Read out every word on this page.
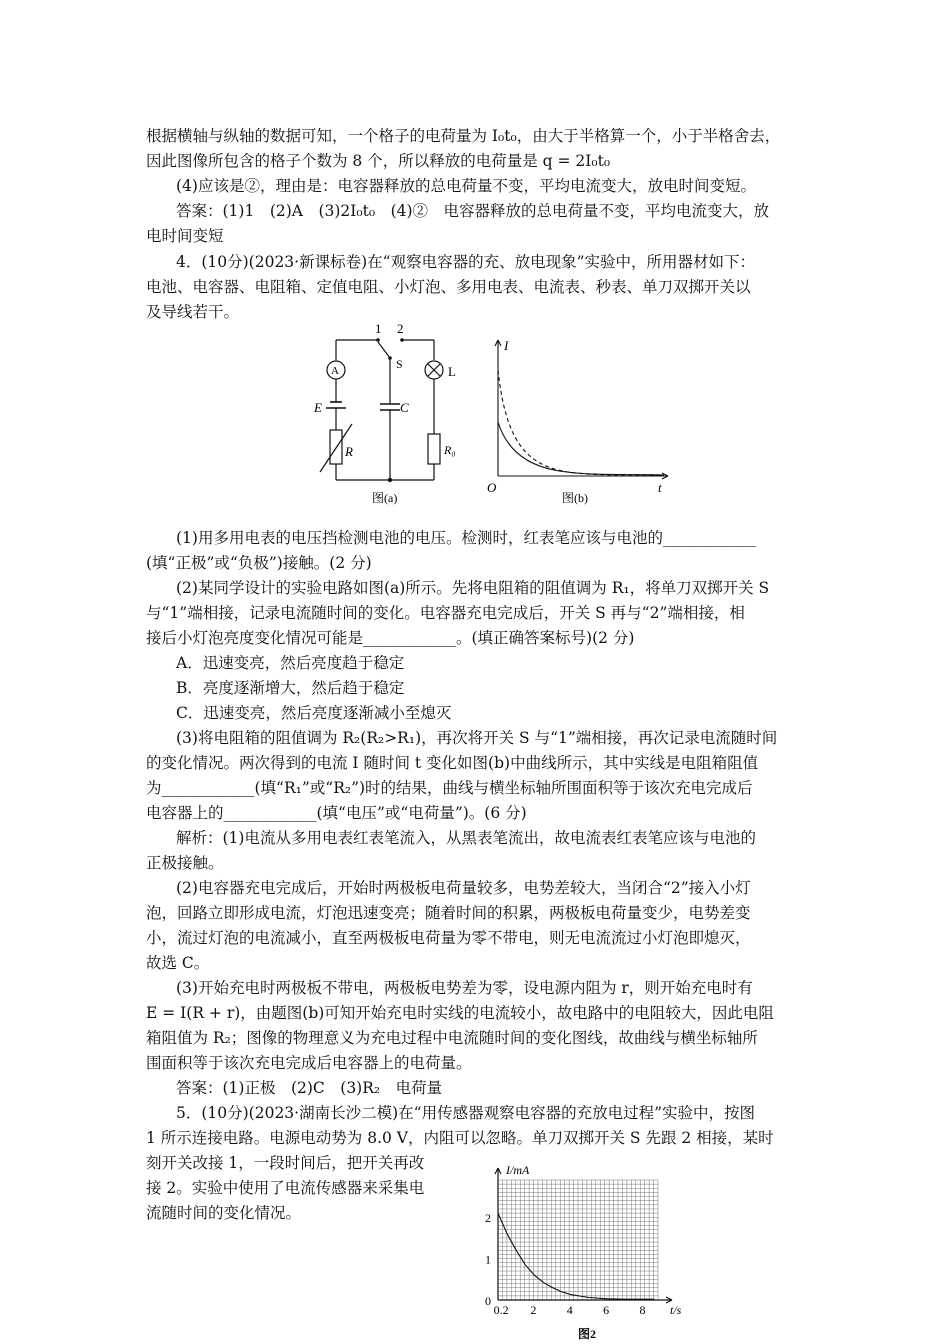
根据横轴与纵轴的数据可知，一个格子的电荷量为 I₀t₀，由大于半格算一个，小于半格舍去，
因此图像所包含的格子个数为 8 个，所以释放的电荷量是 q = 2I₀t₀
(4)应该是②，理由是：电容器释放的总电荷量不变，平均电流变大，放电时间变短。
答案：(1)1　(2)A　(3)2I₀t₀　(4)②　电容器释放的总电荷量不变，平均电流变大，放
电时间变短
4．(10分)(2023·新课标卷)在“观察电容器的充、放电现象”实验中，所用器材如下：
电池、电容器、电阻箱、定值电阻、小灯泡、多用电表、电流表、秒表、单刀双掷开关以
及导线若干。
1 2
S
A
E	C
R
L
R₀
图(a)
I
O	t
图(b)
(1)用多用电表的电压挡检测电池的电压。检测时，红表笔应该与电池的____________
(填“正极”或“负极”)接触。(2 分)
(2)某同学设计的实验电路如图(a)所示。先将电阻箱的阻值调为 R₁，将单刀双掷开关 S
与“1”端相接，记录电流随时间的变化。电容器充电完成后，开关 S 再与“2”端相接，相
接后小灯泡亮度变化情况可能是____________。(填正确答案标号)(2 分)
A．迅速变亮，然后亮度趋于稳定
B．亮度逐渐增大，然后趋于稳定
C．迅速变亮，然后亮度逐渐减小至熄灭
(3)将电阻箱的阻值调为 R₂(R₂>R₁)，再次将开关 S 与“1”端相接，再次记录电流随时间
的变化情况。两次得到的电流 I 随时间 t 变化如图(b)中曲线所示，其中实线是电阻箱阻值
为____________(填“R₁”或“R₂”)时的结果，曲线与横坐标轴所围面积等于该次充电完成后
电容器上的____________(填“电压”或“电荷量”)。(6 分)
解析：(1)电流从多用电表红表笔流入，从黑表笔流出，故电流表红表笔应该与电池的
正极接触。
(2)电容器充电完成后，开始时两极板电荷量较多，电势差较大，当闭合“2”接入小灯
泡，回路立即形成电流，灯泡迅速变亮；随着时间的积累，两极板电荷量变少，电势差变
小，流过灯泡的电流减小，直至两极板电荷量为零不带电，则无电流流过小灯泡即熄灭，
故选 C。
(3)开始充电时两极板不带电，两极板电势差为零，设电源内阻为 r，则开始充电时有
E = I(R + r)，由题图(b)可知开始充电时实线的电流较小，故电路中的电阻较大，因此电阻
箱阻值为 R₂；图像的物理意义为充电过程中电流随时间的变化图线，故曲线与横坐标轴所
围面积等于该次充电完成后电容器上的电荷量。
答案：(1)正极　(2)C　(3)R₂　电荷量
5．(10分)(2023·湖南长沙二模)在“用传感器观察电容器的充放电过程”实验中，按图
1 所示连接电路。电源电动势为 8.0 V，内阻可以忽略。单刀双掷开关 S 先跟 2 相接，某时
刻开关改接 1，一段时间后，把开关再改
接 2。实验中使用了电流传感器来采集电
流随时间的变化情况。
0.2 2	4	6	8
0
1
2
t/s
I/mA
图2
